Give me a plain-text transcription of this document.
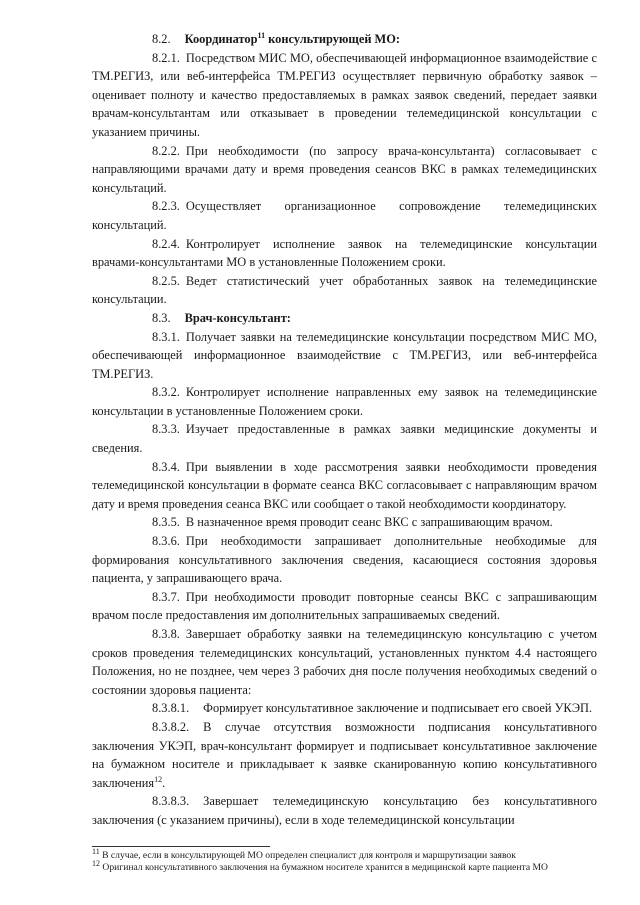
8.2. Координатор$^{11}$ консультирующей МО:

8.2.1. Посредством МИС МО, обеспечивающей информационное взаимодействие с ТМ.РЕГИЗ, или веб-интерфейса ТМ.РЕГИЗ осуществляет первичную обработку заявок – оценивает полноту и качество предоставляемых в рамках заявок сведений, передает заявки врачам-консультантам или отказывает в проведении телемедицинской консультации с указанием причины.

8.2.2. При необходимости (по запросу врача-консультанта) согласовывает с направляющими врачами дату и время проведения сеансов ВКС в рамках телемедицинских консультаций.

8.2.3. Осуществляет организационное сопровождение телемедицинских консультаций.

8.2.4. Контролирует исполнение заявок на телемедицинские консультации врачами-консультантами МО в установленные Положением сроки.

8.2.5. Ведет статистический учет обработанных заявок на телемедицинские консультации.

8.3. Врач-консультант:

8.3.1. Получает заявки на телемедицинские консультации посредством МИС МО, обеспечивающей информационное взаимодействие с ТМ.РЕГИЗ, или веб-интерфейса ТМ.РЕГИЗ.

8.3.2. Контролирует исполнение направленных ему заявок на телемедицинские консультации в установленные Положением сроки.

8.3.3. Изучает предоставленные в рамках заявки медицинские документы и сведения.

8.3.4. При выявлении в ходе рассмотрения заявки необходимости проведения телемедицинской консультации в формате сеанса ВКС согласовывает с направляющим врачом дату и время проведения сеанса ВКС или сообщает о такой необходимости координатору.

8.3.5. В назначенное время проводит сеанс ВКС с запрашивающим врачом.

8.3.6. При необходимости запрашивает дополнительные необходимые для формирования консультативного заключения сведения, касающиеся состояния здоровья пациента, у запрашивающего врача.

8.3.7. При необходимости проводит повторные сеансы ВКС с запрашивающим врачом после предоставления им дополнительных запрашиваемых сведений.

8.3.8. Завершает обработку заявки на телемедицинскую консультацию с учетом сроков проведения телемедицинских консультаций, установленных пунктом 4.4 настоящего Положения, но не позднее, чем через 3 рабочих дня после получения необходимых сведений о состоянии здоровья пациента:

8.3.8.1. Формирует консультативное заключение и подписывает его своей УКЭП.

8.3.8.2. В случае отсутствия возможности подписания консультативного заключения УКЭП, врач-консультант формирует и подписывает консультативное заключение на бумажном носителе и прикладывает к заявке сканированную копию консультативного заключения$^{12}$.

8.3.8.3. Завершает телемедицинскую консультацию без консультативного заключения (с указанием причины), если в ходе телемедицинской консультации

$^{11}$ В случае, если в консультирующей МО определен специалист для контроля и маршрутизации заявок

$^{12}$ Оригинал консультативного заключения на бумажном носителе хранится в медицинской карте пациента МО
